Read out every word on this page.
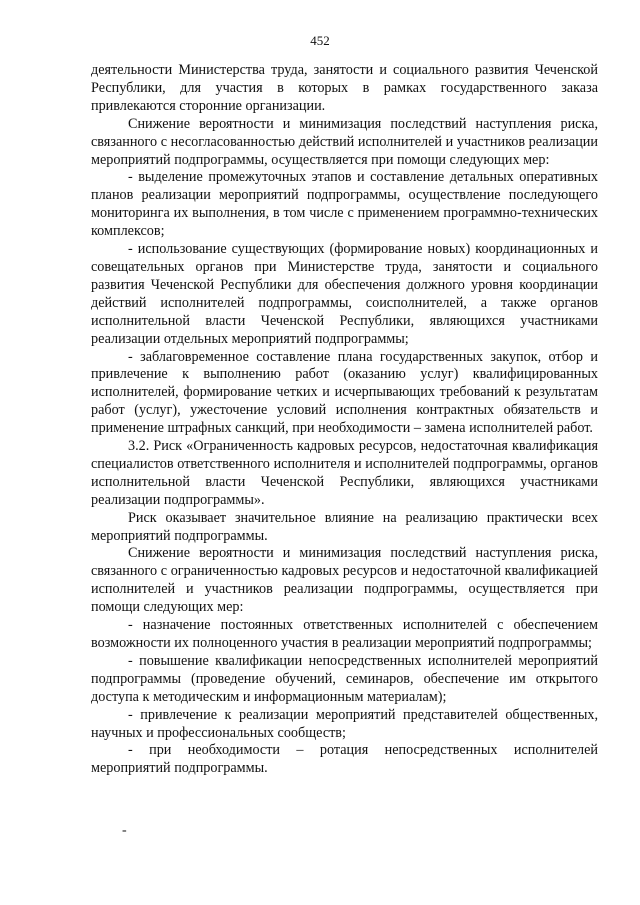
452

деятельности Министерства труда, занятости и социального развития Чеченской Республики, для участия в которых в рамках государственного заказа привлекаются сторонние организации.

Снижение вероятности и минимизация последствий наступления риска, связанного с несогласованностью действий исполнителей и участников реализации мероприятий подпрограммы, осуществляется при помощи следующих мер:

- выделение промежуточных этапов и составление детальных оперативных планов реализации мероприятий подпрограммы, осуществление последующего мониторинга их выполнения, в том числе с применением программно-технических комплексов;

- использование существующих (формирование новых) координационных и совещательных органов при Министерстве труда, занятости и социального развития Чеченской Республики для обеспечения должного уровня координации действий исполнителей подпрограммы, соисполнителей, а также органов исполнительной власти Чеченской Республики, являющихся участниками реализации отдельных мероприятий подпрограммы;

- заблаговременное составление плана государственных закупок, отбор и привлечение к выполнению работ (оказанию услуг) квалифицированных исполнителей, формирование четких и исчерпывающих требований к результатам работ (услуг), ужесточение условий исполнения контрактных обязательств и применение штрафных санкций, при необходимости – замена исполнителей работ.

3.2. Риск «Ограниченность кадровых ресурсов, недостаточная квалификация специалистов ответственного исполнителя и исполнителей подпрограммы, органов исполнительной власти Чеченской Республики, являющихся участниками реализации подпрограммы».

Риск оказывает значительное влияние на реализацию практически всех мероприятий подпрограммы.

Снижение вероятности и минимизация последствий наступления риска, связанного с ограниченностью кадровых ресурсов и недостаточной квалификацией исполнителей и участников реализации подпрограммы, осуществляется при помощи следующих мер:

- назначение постоянных ответственных исполнителей с обеспечением возможности их полноценного участия в реализации мероприятий подпрограммы;

- повышение квалификации непосредственных исполнителей мероприятий подпрограммы (проведение обучений, семинаров, обеспечение им открытого доступа к методическим и информационным материалам);

- привлечение к реализации мероприятий представителей общественных, научных и профессиональных сообществ;

- при необходимости – ротация непосредственных исполнителей мероприятий подпрограммы.

-
